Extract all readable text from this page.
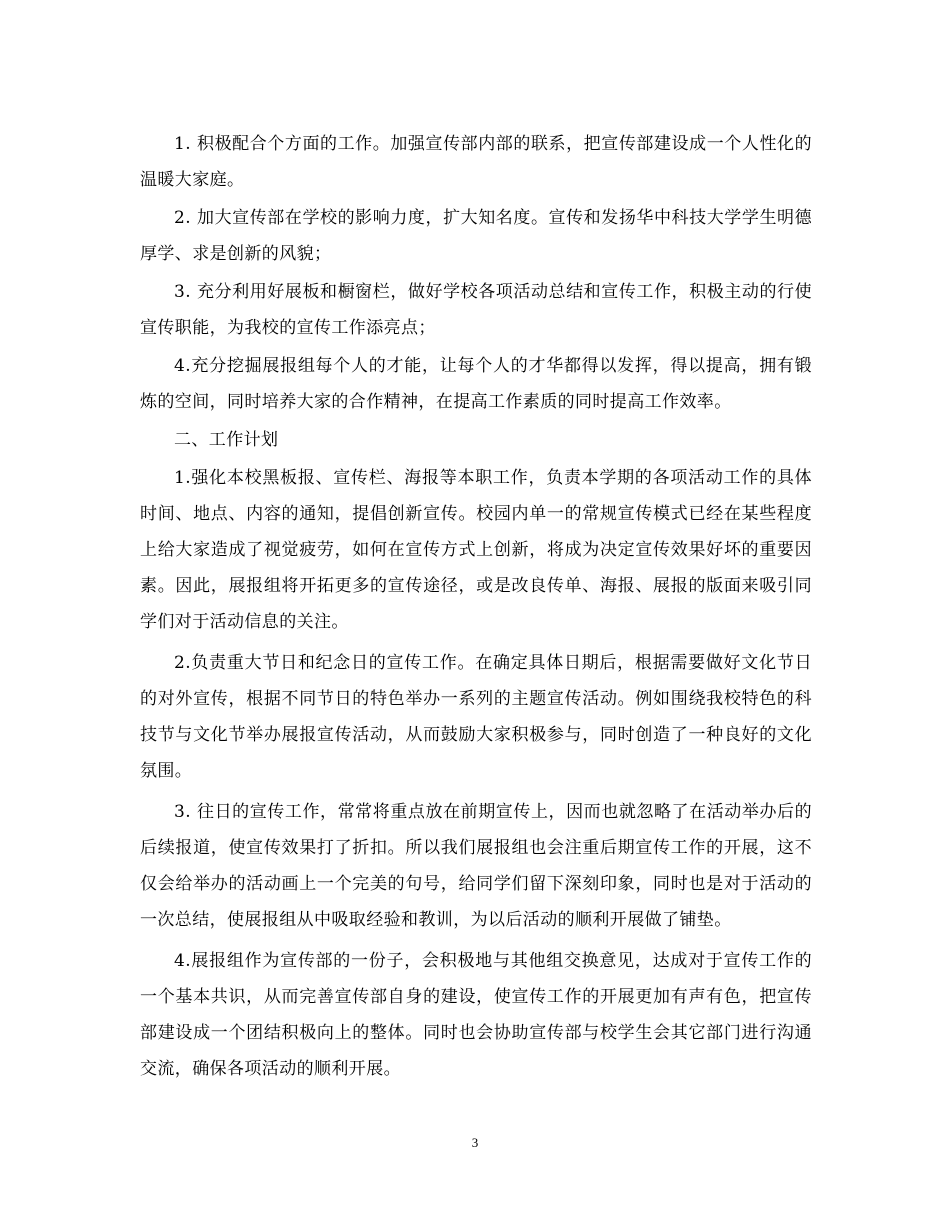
1. 积极配合个方面的工作。加强宣传部内部的联系，把宣传部建设成一个人性化的温暖大家庭。

2. 加大宣传部在学校的影响力度，扩大知名度。宣传和发扬华中科技大学学生明德厚学、求是创新的风貌；

3. 充分利用好展板和橱窗栏，做好学校各项活动总结和宣传工作，积极主动的行使宣传职能，为我校的宣传工作添亮点；

4.充分挖掘展报组每个人的才能，让每个人的才华都得以发挥，得以提高，拥有锻炼的空间，同时培养大家的合作精神，在提高工作素质的同时提高工作效率。

二、工作计划

1.强化本校黑板报、宣传栏、海报等本职工作，负责本学期的各项活动工作的具体时间、地点、内容的通知，提倡创新宣传。校园内单一的常规宣传模式已经在某些程度上给大家造成了视觉疲劳，如何在宣传方式上创新，将成为决定宣传效果好坏的重要因素。因此，展报组将开拓更多的宣传途径，或是改良传单、海报、展报的版面来吸引同学们对于活动信息的关注。

2.负责重大节日和纪念日的宣传工作。在确定具体日期后，根据需要做好文化节日的对外宣传，根据不同节日的特色举办一系列的主题宣传活动。例如围绕我校特色的科技节与文化节举办展报宣传活动，从而鼓励大家积极参与，同时创造了一种良好的文化氛围。

3. 往日的宣传工作，常常将重点放在前期宣传上，因而也就忽略了在活动举办后的后续报道，使宣传效果打了折扣。所以我们展报组也会注重后期宣传工作的开展，这不仅会给举办的活动画上一个完美的句号，给同学们留下深刻印象，同时也是对于活动的一次总结，使展报组从中吸取经验和教训，为以后活动的顺利开展做了铺垫。

4.展报组作为宣传部的一份子，会积极地与其他组交换意见，达成对于宣传工作的一个基本共识，从而完善宣传部自身的建设，使宣传工作的开展更加有声有色，把宣传部建设成一个团结积极向上的整体。同时也会协助宣传部与校学生会其它部门进行沟通交流，确保各项活动的顺利开展。

3
